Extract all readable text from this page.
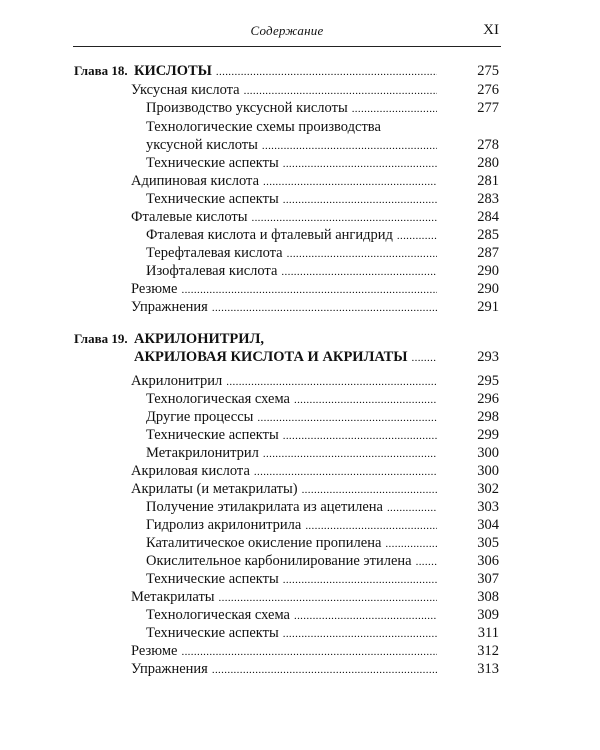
Содержание	XI
Глава 18. КИСЛОТЫ . . .	275
Уксусная кислота . . .	276
Производство уксусной кислоты . . .	277
Технологические схемы производства
уксусной кислоты . . .	278
Технические аспекты . . .	280
Адипиновая кислота . . .	281
Технические аспекты . . .	283
Фталевые кислоты . . .	284
Фталевая кислота и фталевый ангидрид . . .	285
Терефталевая кислота . . .	287
Изофталевая кислота . . .	290
Резюме . . .	290
Упражнения . . .	291
Глава 19. АКРИЛОНИТРИЛ,
АКРИЛОВАЯ КИСЛОТА И АКРИЛАТЫ . . .	293
Акрилонитрил . . .	295
Технологическая схема . . .	296
Другие процессы . . .	298
Технические аспекты . . .	299
Метакрилонитрил . . .	300
Акриловая кислота . . .	300
Акрилаты (и метакрилаты) . . .	302
Получение этилакрилата из ацетилена . . .	303
Гидролиз акрилонитрила . . .	304
Каталитическое окисление пропилена . . .	305
Окислительное карбонилирование этилена . . .	306
Технические аспекты . . .	307
Метакрилаты . . .	308
Технологическая схема . . .	309
Технические аспекты . . .	311
Резюме . . .	312
Упражнения . . .	313
